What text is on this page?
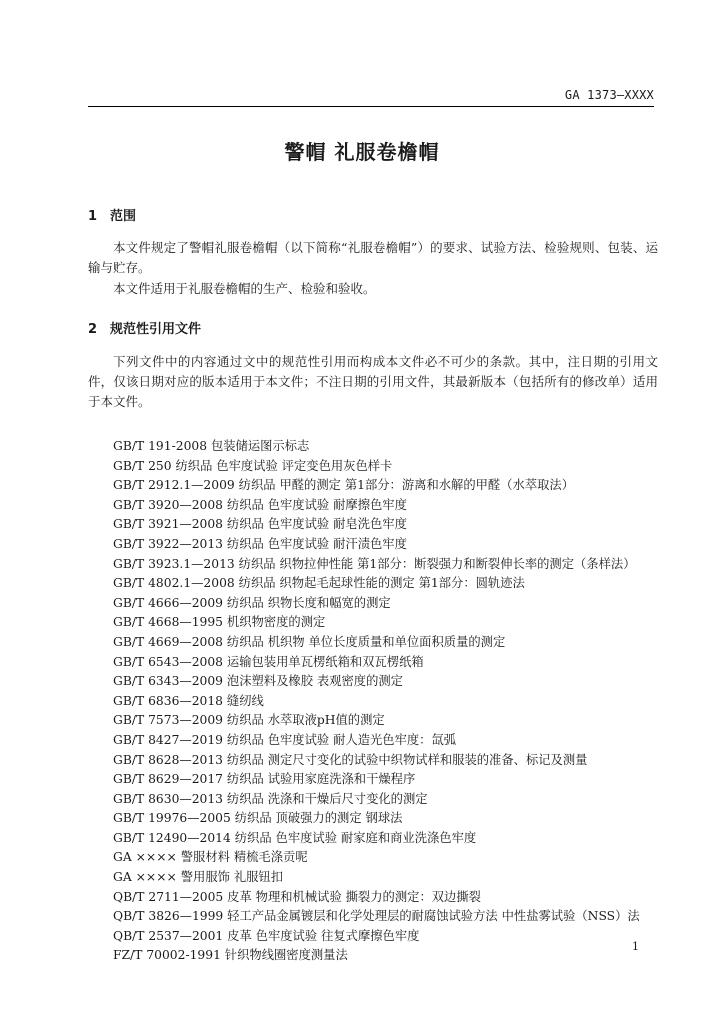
GA 1373—XXXX
警帽 礼服卷檐帽
1 范围
本文件规定了警帽礼服卷檐帽（以下简称“礼服卷檐帽”）的要求、试验方法、检验规则、包装、运输与贮存。
本文件适用于礼服卷檐帽的生产、检验和验收。
2 规范性引用文件
下列文件中的内容通过文中的规范性引用而构成本文件必不可少的条款。其中，注日期的引用文件，仅该日期对应的版本适用于本文件；不注日期的引用文件，其最新版本（包括所有的修改单）适用于本文件。
GB/T 191-2008 包装储运图示标志
GB/T 250 纺织品 色牢度试验 评定变色用灰色样卡
GB/T 2912.1—2009 纺织品 甲醛的测定 第1部分：游离和水解的甲醛（水萃取法）
GB/T 3920—2008 纺织品 色牢度试验 耐摩擦色牢度
GB/T 3921—2008 纺织品 色牢度试验 耐皂洗色牢度
GB/T 3922—2013 纺织品 色牢度试验 耐汗渍色牢度
GB/T 3923.1—2013 纺织品 织物拉伸性能 第1部分：断裂强力和断裂伸长率的测定（条样法）
GB/T 4802.1—2008 纺织品 织物起毛起球性能的测定 第1部分：圆轨迹法
GB/T 4666—2009 纺织品 织物长度和幅宽的测定
GB/T 4668—1995 机织物密度的测定
GB/T 4669—2008 纺织品 机织物 单位长度质量和单位面积质量的测定
GB/T 6543—2008 运输包装用单瓦楞纸箱和双瓦楞纸箱
GB/T 6343—2009 泡沫塑料及橡胶 表观密度的测定
GB/T 6836—2018 缝纫线
GB/T 7573—2009 纺织品 水萃取液pH值的测定
GB/T 8427—2019 纺织品 色牢度试验 耐人造光色牢度：氙弧
GB/T 8628—2013 纺织品 测定尺寸变化的试验中织物试样和服装的准备、标记及测量
GB/T 8629—2017 纺织品 试验用家庭洗涤和干燥程序
GB/T 8630—2013 纺织品 洗涤和干燥后尺寸变化的测定
GB/T 19976—2005 纺织品 顶破强力的测定 钢球法
GB/T 12490—2014 纺织品 色牢度试验 耐家庭和商业洗涤色牢度
GA ×××× 警服材料 精梳毛涤贡呢
GA ×××× 警用服饰 礼服钮扣
QB/T 2711—2005 皮革 物理和机械试验 撕裂力的测定：双边撕裂
QB/T 3826—1999 轻工产品金属镀层和化学处理层的耐腐蚀试验方法 中性盐雾试验（NSS）法
QB/T 2537—2001 皮革 色牢度试验 往复式摩擦色牢度
FZ/T 70002-1991 针织物线圈密度测量法
1
